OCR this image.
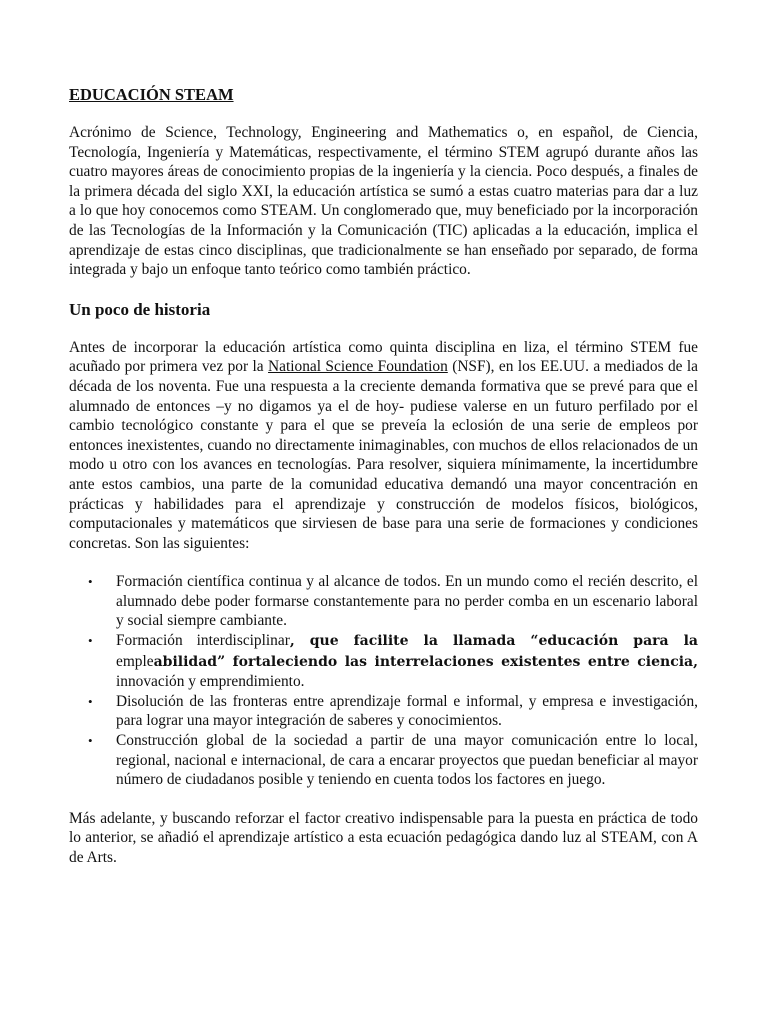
EDUCACIÓN STEAM

Acrónimo de Science, Technology, Engineering and Mathematics o, en español, de Ciencia, Tecnología, Ingeniería y Matemáticas, respectivamente, el término STEM agrupó durante años las cuatro mayores áreas de conocimiento propias de la ingeniería y la ciencia. Poco después, a finales de la primera década del siglo XXI, la educación artística se sumó a estas cuatro materias para dar a luz a lo que hoy conocemos como STEAM. Un conglomerado que, muy beneficiado por la incorporación de las Tecnologías de la Información y la Comunicación (TIC) aplicadas a la educación, implica el aprendizaje de estas cinco disciplinas, que tradicionalmente se han enseñado por separado, de forma integrada y bajo un enfoque tanto teórico como también práctico.

Un poco de historia

Antes de incorporar la educación artística como quinta disciplina en liza, el término STEM fue acuñado por primera vez por la National Science Foundation (NSF), en los EE.UU. a mediados de la década de los noventa. Fue una respuesta a la creciente demanda formativa que se prevé para que el alumnado de entonces –y no digamos ya el de hoy- pudiese valerse en un futuro perfilado por el cambio tecnológico constante y para el que se preveía la eclosión de una serie de empleos por entonces inexistentes, cuando no directamente inimaginables, con muchos de ellos relacionados de un modo u otro con los avances en tecnologías. Para resolver, siquiera mínimamente, la incertidumbre ante estos cambios, una parte de la comunidad educativa demandó una mayor concentración en prácticas y habilidades para el aprendizaje y construcción de modelos físicos, biológicos, computacionales y matemáticos que sirviesen de base para una serie de formaciones y condiciones concretas. Son las siguientes:

• Formación científica continua y al alcance de todos. En un mundo como el recién descrito, el alumnado debe poder formarse constantemente para no perder comba en un escenario laboral y social siempre cambiante.
• Formación interdisciplinar, que facilite la llamada “educación para la empleabilidad” fortaleciendo las interrelaciones existentes entre ciencia, innovación y emprendimiento.
• Disolución de las fronteras entre aprendizaje formal e informal, y empresa e investigación, para lograr una mayor integración de saberes y conocimientos.
• Construcción global de la sociedad a partir de una mayor comunicación entre lo local, regional, nacional e internacional, de cara a encarar proyectos que puedan beneficiar al mayor número de ciudadanos posible y teniendo en cuenta todos los factores en juego.

Más adelante, y buscando reforzar el factor creativo indispensable para la puesta en práctica de todo lo anterior, se añadió el aprendizaje artístico a esta ecuación pedagógica dando luz al STEAM, con A de Arts.
